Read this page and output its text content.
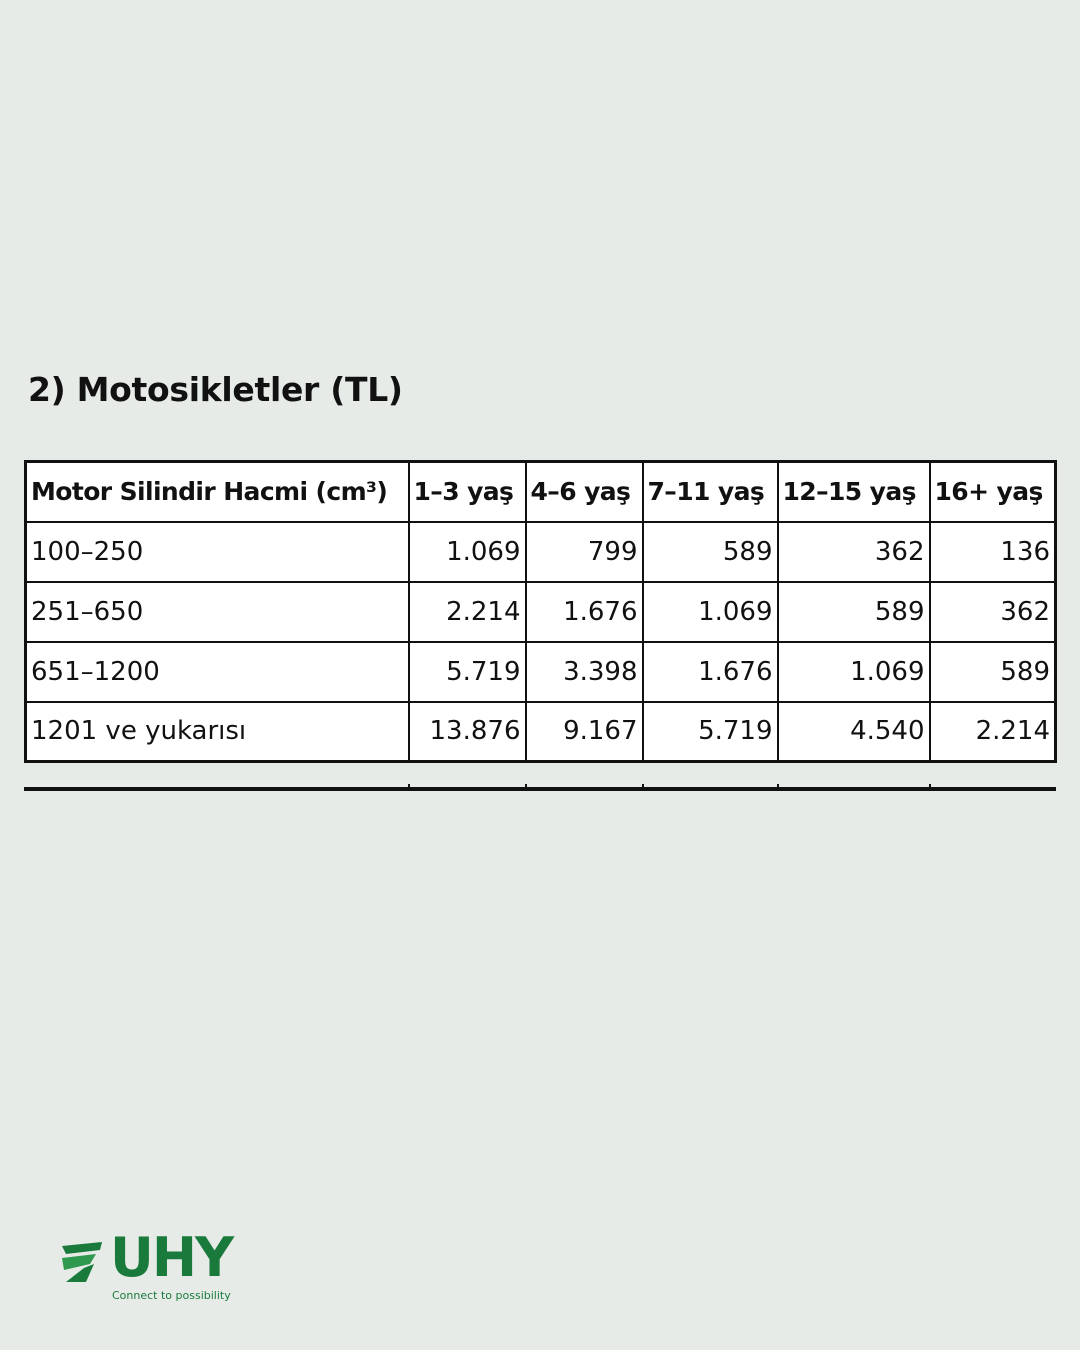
2) Motosikletler (TL)
Motor Silindir Hacmi (cm³)	1–3 yaş	4–6 yaş	7–11 yaş	12–15 yaş	16+ yaş
100–250	1.069	799	589	362	136
251–650	2.214	1.676	1.069	589	362
651–1200	5.719	3.398	1.676	1.069	589
1201 ve yukarısı	13.876	9.167	5.719	4.540	2.214
UHY
Connect to possibility
